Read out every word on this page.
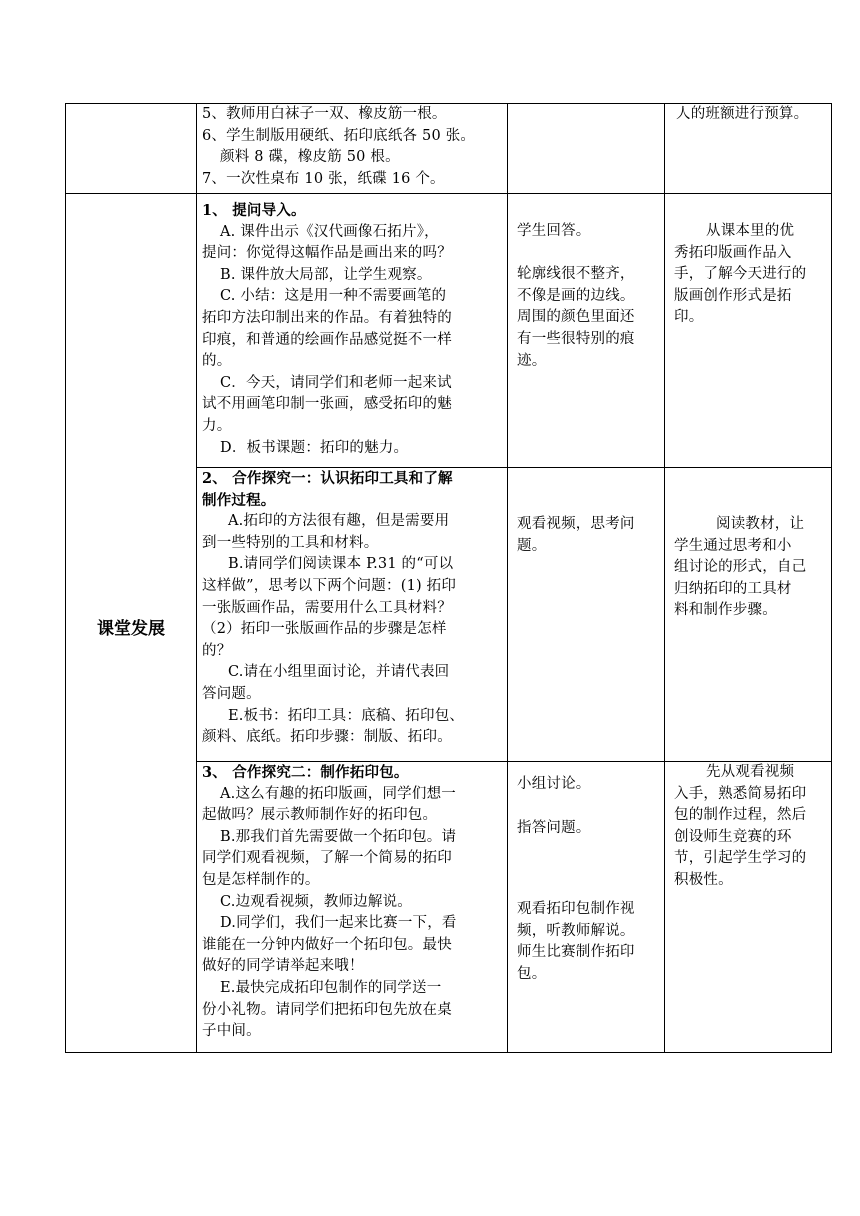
课堂发展
5、教师用白袜子一双、橡皮筋一根。
6、学生制版用硬纸、拓印底纸各 50 张。
颜料 8 碟，橡皮筋 50 根。
7、一次性桌布 10 张，纸碟 16 个。
人的班额进行预算。
1、 提问导入。
A. 课件出示《汉代画像石拓片》，
提问：你觉得这幅作品是画出来的吗？
B. 课件放大局部，让学生观察。
C. 小结：这是用一种不需要画笔的
拓印方法印制出来的作品。有着独特的
印痕，和普通的绘画作品感觉挺不一样
的。
C．今天，请同学们和老师一起来试
试不用画笔印制一张画，感受拓印的魅
力。
D．板书课题：拓印的魅力。
学生回答。

轮廓线很不整齐，
不像是画的边线。
周围的颜色里面还
有一些很特别的痕
迹。
从课本里的优
秀拓印版画作品入
手，了解今天进行的
版画创作形式是拓
印。
2、 合作探究一：认识拓印工具和了解
制作过程。
A.拓印的方法很有趣，但是需要用
到一些特别的工具和材料。
B.请同学们阅读课本 P.31 的“可以
这样做”，思考以下两个问题：(1) 拓印
一张版画作品，需要用什么工具材料？
（2）拓印一张版画作品的步骤是怎样
的？
C.请在小组里面讨论，并请代表回
答问题。
E.板书：拓印工具：底稿、拓印包、
颜料、底纸。拓印步骤：制版、拓印。
观看视频，思考问
题。
小组讨论。
指答问题。
阅读教材，让
学生通过思考和小
组讨论的形式，自己
归纳拓印的工具材
料和制作步骤。
3、 合作探究二：制作拓印包。
A.这么有趣的拓印版画，同学们想一
起做吗？展示教师制作好的拓印包。
B.那我们首先需要做一个拓印包。请
同学们观看视频，了解一个简易的拓印
包是怎样制作的。
C.边观看视频，教师边解说。
D.同学们，我们一起来比赛一下，看
谁能在一分钟内做好一个拓印包。最快
做好的同学请举起来哦！
E.最快完成拓印包制作的同学送一
份小礼物。请同学们把拓印包先放在桌
子中间。
观看拓印包制作视
频，听教师解说。
师生比赛制作拓印
包。
先从观看视频
入手，熟悉简易拓印
包的制作过程，然后
创设师生竞赛的环
节，引起学生学习的
积极性。
